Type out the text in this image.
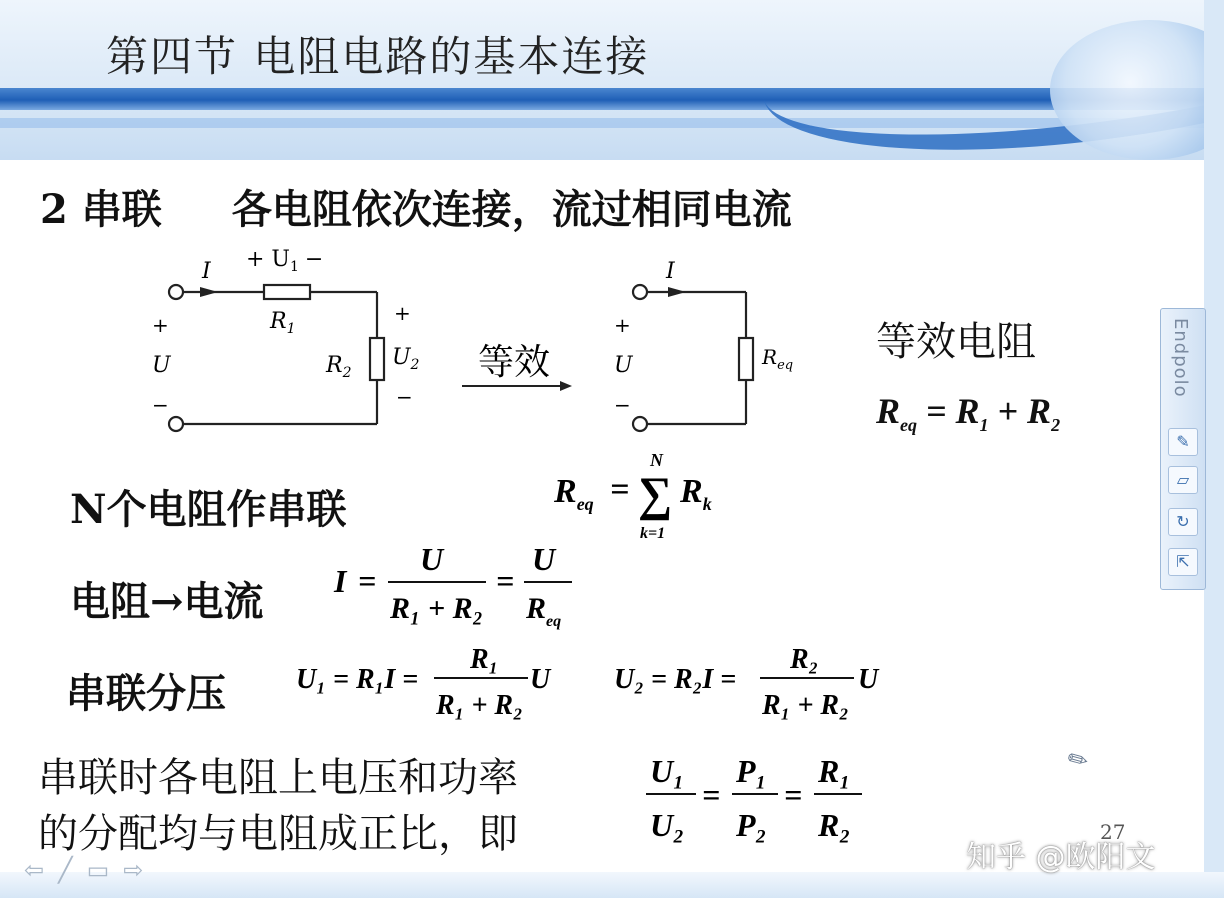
第四节 电阻电路的基本连接
2 串联 各电阻依次连接，流过相同电流
$I + U_1$ −
$R_1$
$R_2$
+
$U_2$
−
+
U
−
等效
I
+
U
−
$R_{eq}$
等效电阻
$R_{eq} = R_1 + R_2$
N个电阻作串联	$R_{eq}$ =
N
∑
k=1
$R_k$
电阻→电流 I =
U
R₁ + R₂
=
U
$R_{eq}$
串联分压	U₁ = R₁I =
R₁
R₁ + R₂
U U₂ = R₂I =
R₂
R₁ + R₂
U
串联时各电阻上电压和功率
的分配均与电阻成正比，即
U₁
U₂
=
P₁
P₂
=
R₁
R₂
Endpolo
✎
▱
↻
⇱
✎
⇦╱▭⇨
27
知乎 @欧阳文
